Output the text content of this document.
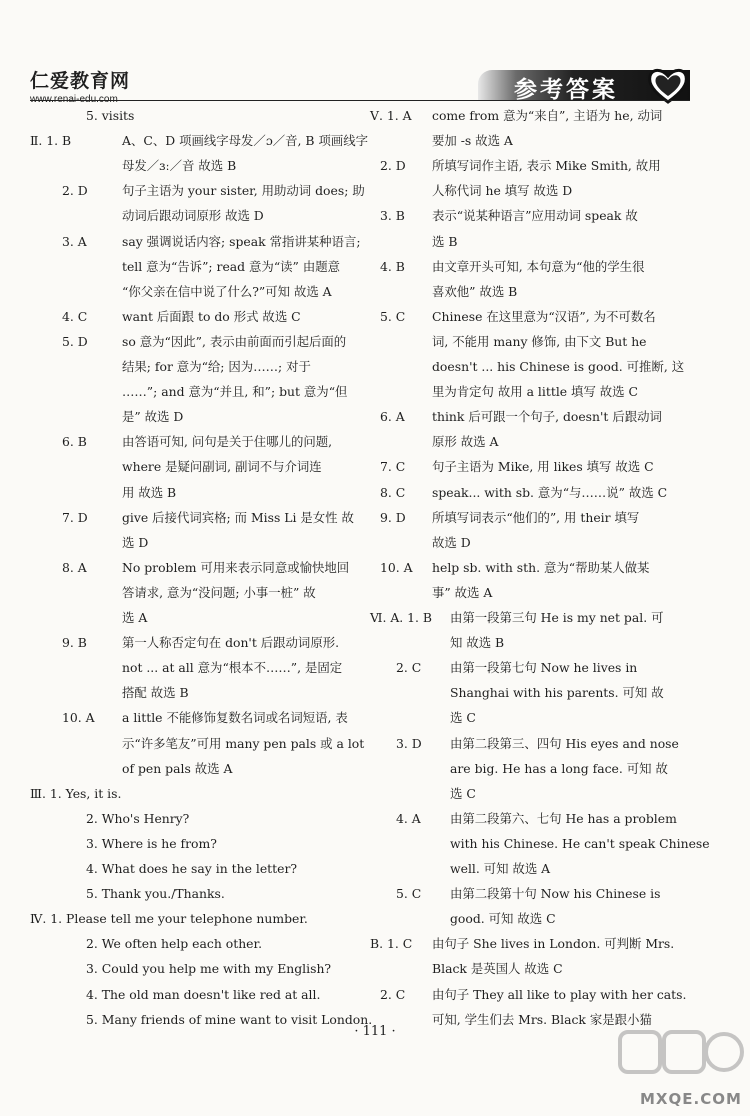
仁爱教育网
www.renai-edu.com	参考答案
5. visits
Ⅱ. 1. B	A、C、D 项画线字母发／ɔ／音, B 项画线字
母发／ɜː／音 故选 B
2. D	句子主语为 your sister, 用助动词 does; 助
动词后跟动词原形 故选 D
3. A	say 强调说话内容; speak 常指讲某种语言;
tell 意为“告诉”; read 意为“读” 由题意
“你父亲在信中说了什么?”可知 故选 A
4. C	want 后面跟 to do 形式 故选 C
5. D	so 意为“因此”, 表示由前面而引起后面的
结果; for 意为“给; 因为……; 对于
……”; and 意为“并且, 和”; but 意为“但
是” 故选 D
6. B	由答语可知, 问句是关于住哪儿的问题,
where 是疑问副词, 副词不与介词连
用 故选 B
7. D	give 后接代词宾格; 而 Miss Li 是女性 故
选 D
8. A	No problem 可用来表示同意或愉快地回
答请求, 意为“没问题; 小事一桩” 故
选 A
9. B	第一人称否定句在 don't 后跟动词原形.
not ... at all 意为“根本不……”, 是固定
搭配 故选 B
10. A a little 不能修饰复数名词或名词短语, 表
示“许多笔友”可用 many pen pals 或 a lot
of pen pals 故选 A
Ⅲ. 1. Yes, it is.
2. Who's Henry?
3. Where is he from?
4. What does he say in the letter?
5. Thank you./Thanks.
Ⅳ. 1. Please tell me your telephone number.
2. We often help each other.
3. Could you help me with my English?
4. The old man doesn't like red at all.
5. Many friends of mine want to visit London.
Ⅴ. 1. A come from 意为“来自”, 主语为 he, 动词
要加 -s 故选 A
2. D 所填写词作主语, 表示 Mike Smith, 故用
人称代词 he 填写 故选 D
3. B 表示“说某种语言”应用动词 speak 故
选 B
4. B 由文章开头可知, 本句意为“他的学生很
喜欢他” 故选 B
5. C Chinese 在这里意为“汉语”, 为不可数名
词, 不能用 many 修饰, 由下文 But he
doesn't ... his Chinese is good. 可推断, 这
里为肯定句 故用 a little 填写 故选 C
6. A think 后可跟一个句子, doesn't 后跟动词
原形 故选 A
7. C 句子主语为 Mike, 用 likes 填写 故选 C
8. C speak... with sb. 意为“与……说” 故选 C
9. D 所填写词表示“他们的”, 用 their 填写
故选 D
10. A help sb. with sth. 意为“帮助某人做某
事” 故选 A
Ⅵ. A. 1. B 由第一段第三句 He is my net pal. 可
知 故选 B
2. C 由第一段第七句 Now he lives in
Shanghai with his parents. 可知 故
选 C
3. D 由第二段第三、四句 His eyes and nose
are big. He has a long face. 可知 故
选 C
4. A 由第二段第六、七句 He has a problem
with his Chinese. He can't speak Chinese
well. 可知 故选 A
5. C 由第二段第十句 Now his Chinese is
good. 可知 故选 C
B. 1. C 由句子 She lives in London. 可判断 Mrs.
Black 是英国人 故选 C
2. C 由句子 They all like to play with her cats.
可知, 学生们去 Mrs. Black 家是跟小猫
· 111 ·
MXQE.COM
